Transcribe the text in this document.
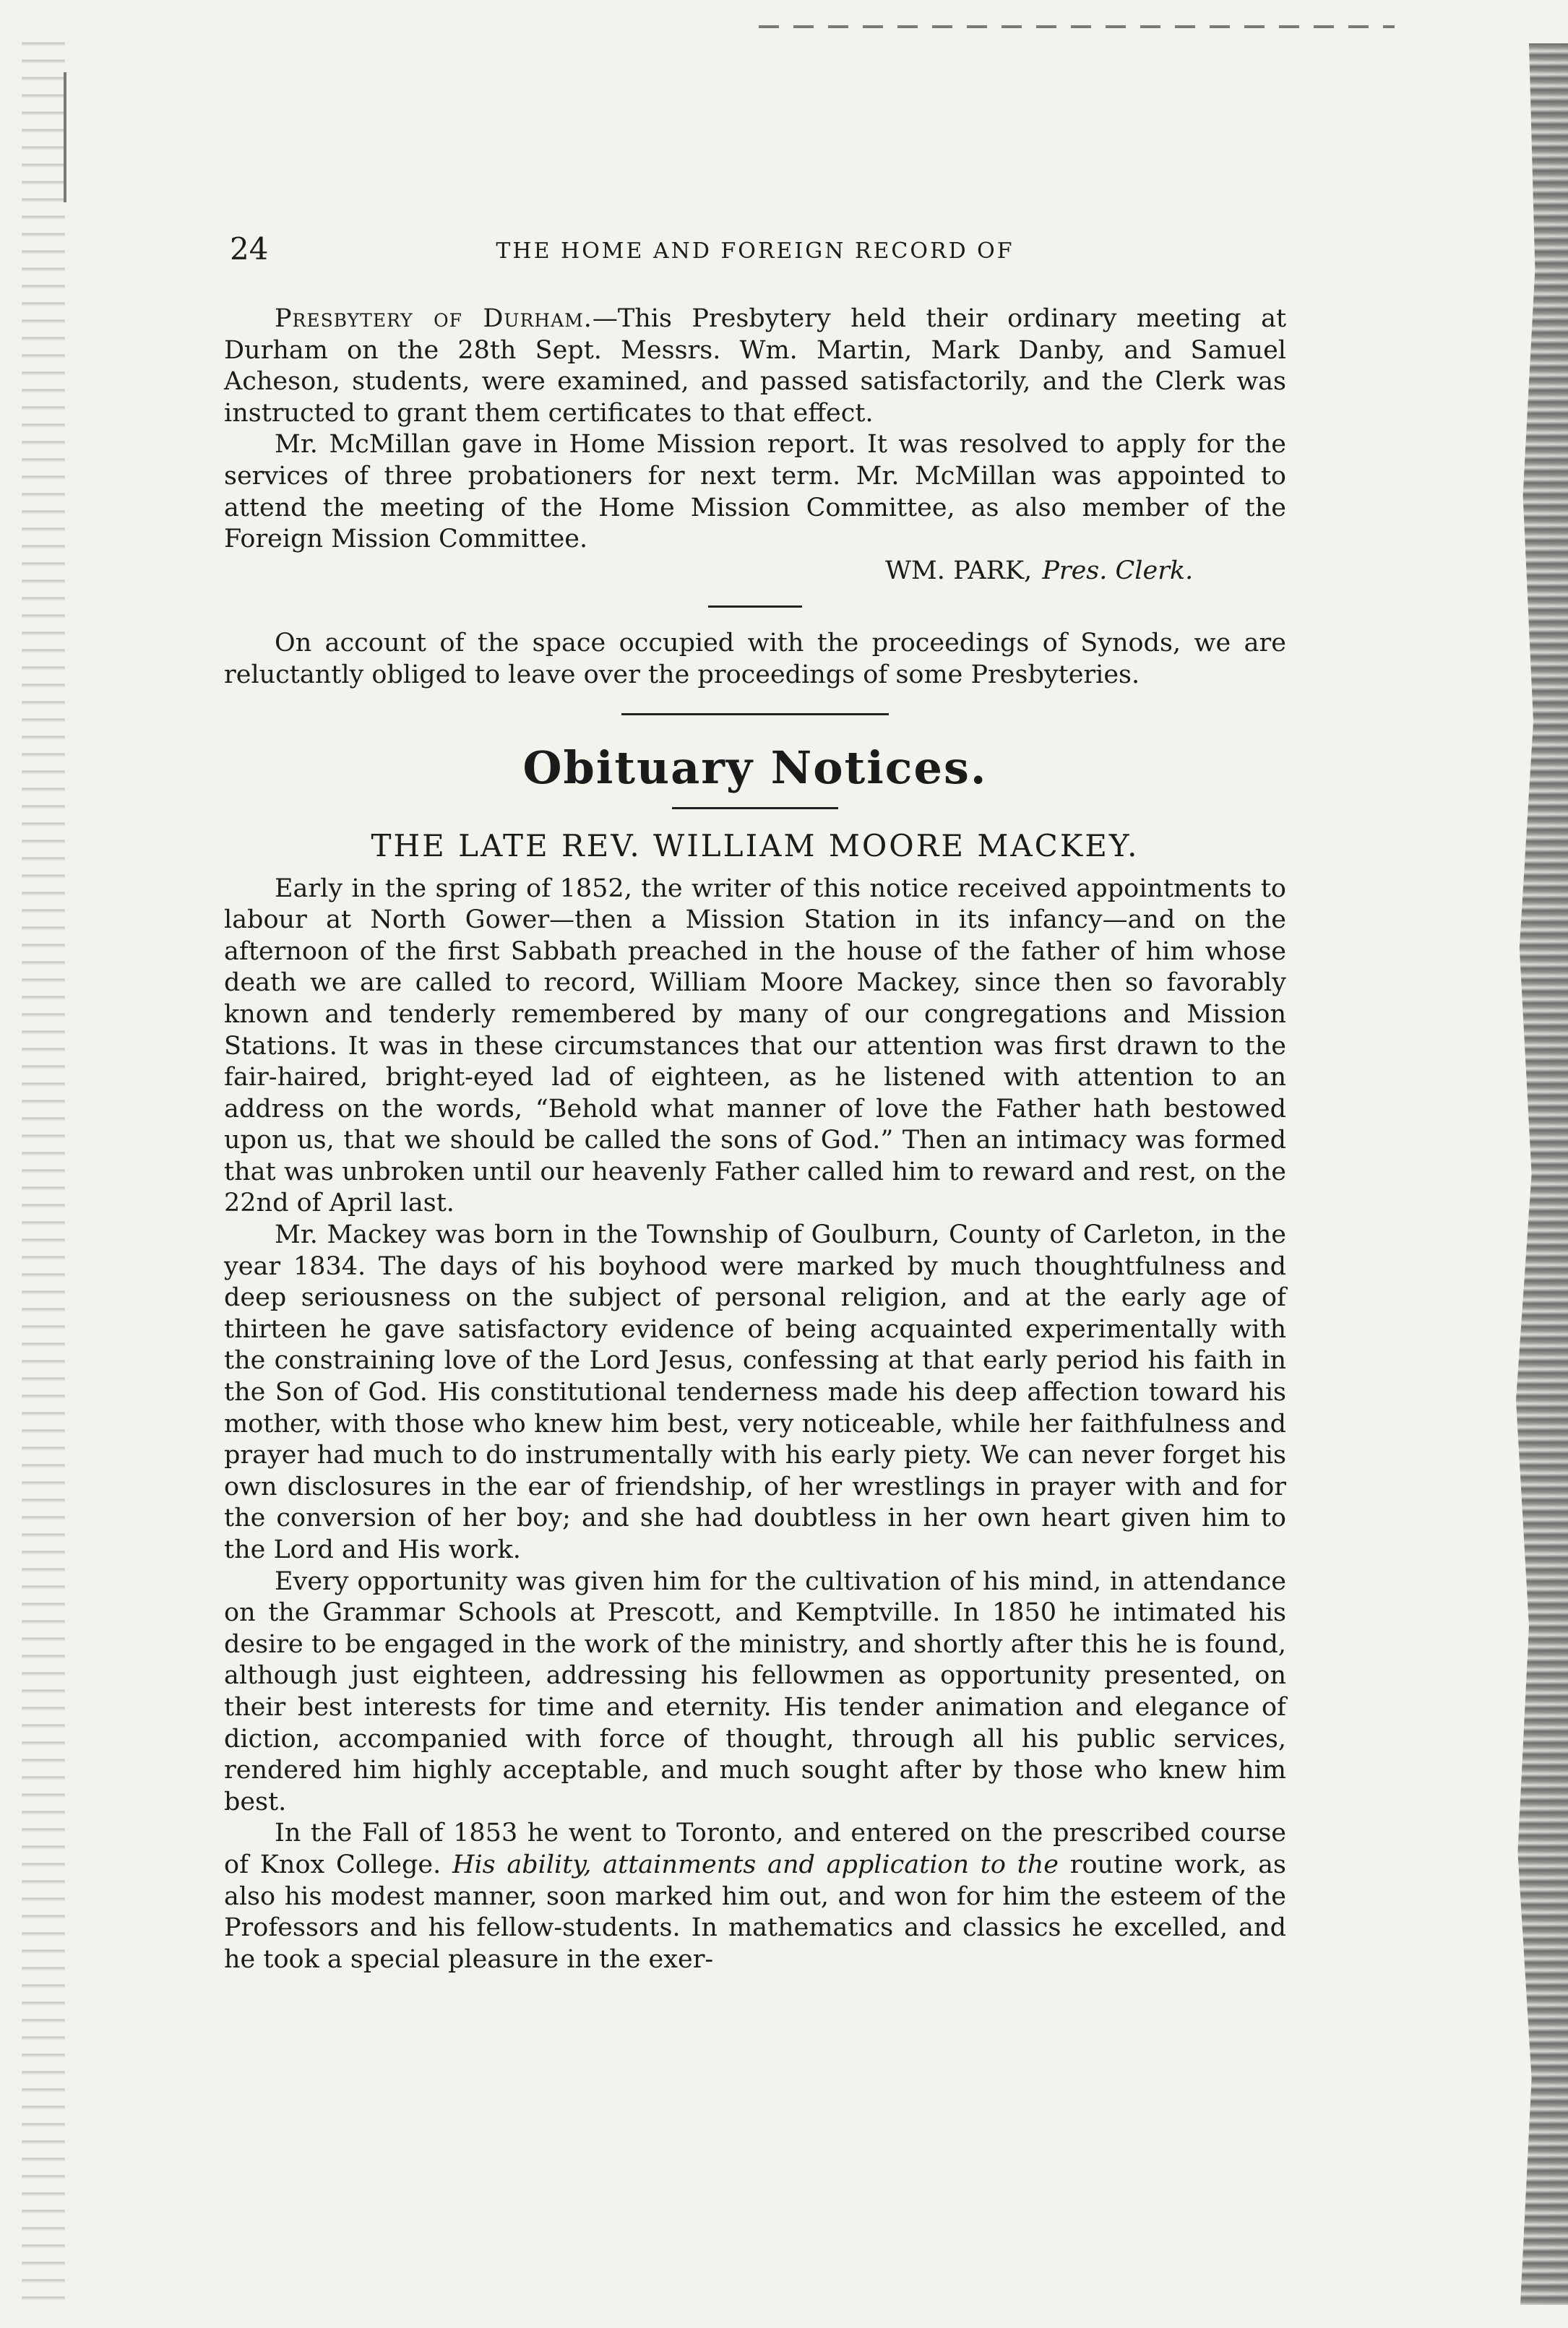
24	THE HOME AND FOREIGN RECORD OF

Presbytery of Durham.—This Presbytery held their ordinary meeting at Durham on the 28th Sept. Messrs. Wm. Martin, Mark Danby, and Samuel Acheson, students, were examined, and passed satisfactorily, and the Clerk was instructed to grant them certificates to that effect.

Mr. McMillan gave in Home Mission report. It was resolved to apply for the services of three probationers for next term. Mr. McMillan was appointed to attend the meeting of the Home Mission Committee, as also member of the Foreign Mission Committee.

WM. PARK, Pres. Clerk.

On account of the space occupied with the proceedings of Synods, we are reluctantly obliged to leave over the proceedings of some Presbyteries.

Obituary Notices.
THE LATE REV. WILLIAM MOORE MACKEY.

Early in the spring of 1852, the writer of this notice received appointments to labour at North Gower—then a Mission Station in its infancy—and on the afternoon of the first Sabbath preached in the house of the father of him whose death we are called to record, William Moore Mackey, since then so favorably known and tenderly remembered by many of our congregations and Mission Stations. It was in these circumstances that our attention was first drawn to the fair-haired, bright-eyed lad of eighteen, as he listened with attention to an address on the words, “Behold what manner of love the Father hath bestowed upon us, that we should be called the sons of God.” Then an intimacy was formed that was unbroken until our heavenly Father called him to reward and rest, on the 22nd of April last.

Mr. Mackey was born in the Township of Goulburn, County of Carleton, in the year 1834. The days of his boyhood were marked by much thoughtfulness and deep seriousness on the subject of personal religion, and at the early age of thirteen he gave satisfactory evidence of being acquainted experimentally with the constraining love of the Lord Jesus, confessing at that early period his faith in the Son of God. His constitutional tenderness made his deep affection toward his mother, with those who knew him best, very noticeable, while her faithfulness and prayer had much to do instrumentally with his early piety. We can never forget his own disclosures in the ear of friendship, of her wrestlings in prayer with and for the conversion of her boy; and she had doubtless in her own heart given him to the Lord and His work.

Every opportunity was given him for the cultivation of his mind, in attendance on the Grammar Schools at Prescott, and Kemptville. In 1850 he intimated his desire to be engaged in the work of the ministry, and shortly after this he is found, although just eighteen, addressing his fellowmen as opportunity presented, on their best interests for time and eternity. His tender animation and elegance of diction, accompanied with force of thought, through all his public services, rendered him highly acceptable, and much sought after by those who knew him best.

In the Fall of 1853 he went to Toronto, and entered on the prescribed course of Knox College. His ability, attainments and application to the routine work, as also his modest manner, soon marked him out, and won for him the esteem of the Professors and his fellow-students. In mathematics and classics he excelled, and he took a special pleasure in the exer-
